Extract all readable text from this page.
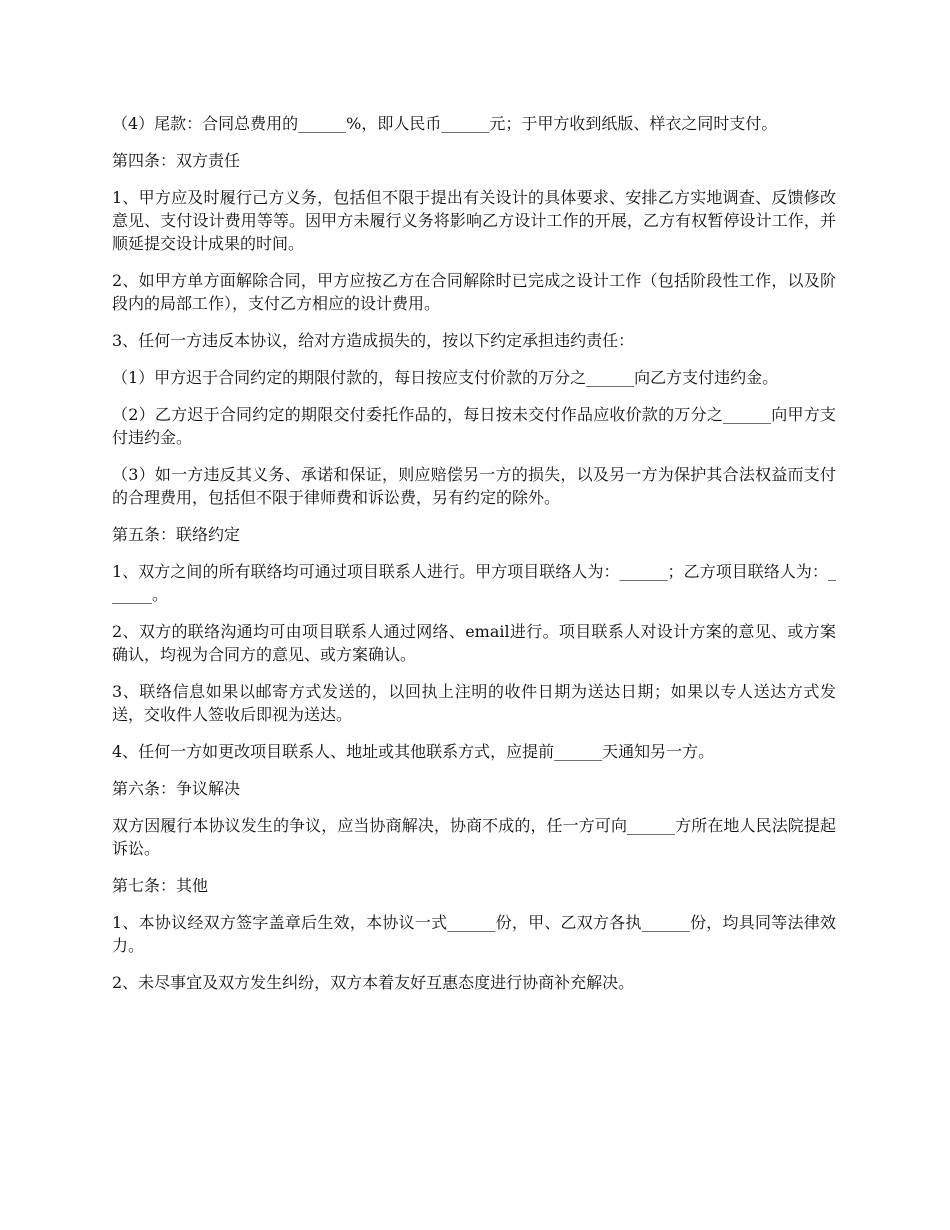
（4）尾款：合同总费用的______%，即人民币______元；于甲方收到纸版、样衣之同时支付。

第四条：双方责任

1、甲方应及时履行己方义务，包括但不限于提出有关设计的具体要求、安排乙方实地调查、反馈修改意见、支付设计费用等等。因甲方未履行义务将影响乙方设计工作的开展，乙方有权暂停设计工作，并顺延提交设计成果的时间。

2、如甲方单方面解除合同，甲方应按乙方在合同解除时已完成之设计工作（包括阶段性工作，以及阶段内的局部工作），支付乙方相应的设计费用。

3、任何一方违反本协议，给对方造成损失的，按以下约定承担违约责任：

（1）甲方迟于合同约定的期限付款的，每日按应支付价款的万分之______向乙方支付违约金。

（2）乙方迟于合同约定的期限交付委托作品的，每日按未交付作品应收价款的万分之______向甲方支付违约金。

（3）如一方违反其义务、承诺和保证，则应赔偿另一方的损失，以及另一方为保护其合法权益而支付的合理费用，包括但不限于律师费和诉讼费，另有约定的除外。

第五条：联络约定

1、双方之间的所有联络均可通过项目联系人进行。甲方项目联络人为：______；乙方项目联络人为：______。

2、双方的联络沟通均可由项目联系人通过网络、email进行。项目联系人对设计方案的意见、或方案确认，均视为合同方的意见、或方案确认。

3、联络信息如果以邮寄方式发送的，以回执上注明的收件日期为送达日期；如果以专人送达方式发送，交收件人签收后即视为送达。

4、任何一方如更改项目联系人、地址或其他联系方式，应提前______天通知另一方。

第六条：争议解决

双方因履行本协议发生的争议，应当协商解决，协商不成的，任一方可向______方所在地人民法院提起诉讼。

第七条：其他

1、本协议经双方签字盖章后生效，本协议一式______份，甲、乙双方各执______份，均具同等法律效力。

2、未尽事宜及双方发生纠纷，双方本着友好互惠态度进行协商补充解决。
